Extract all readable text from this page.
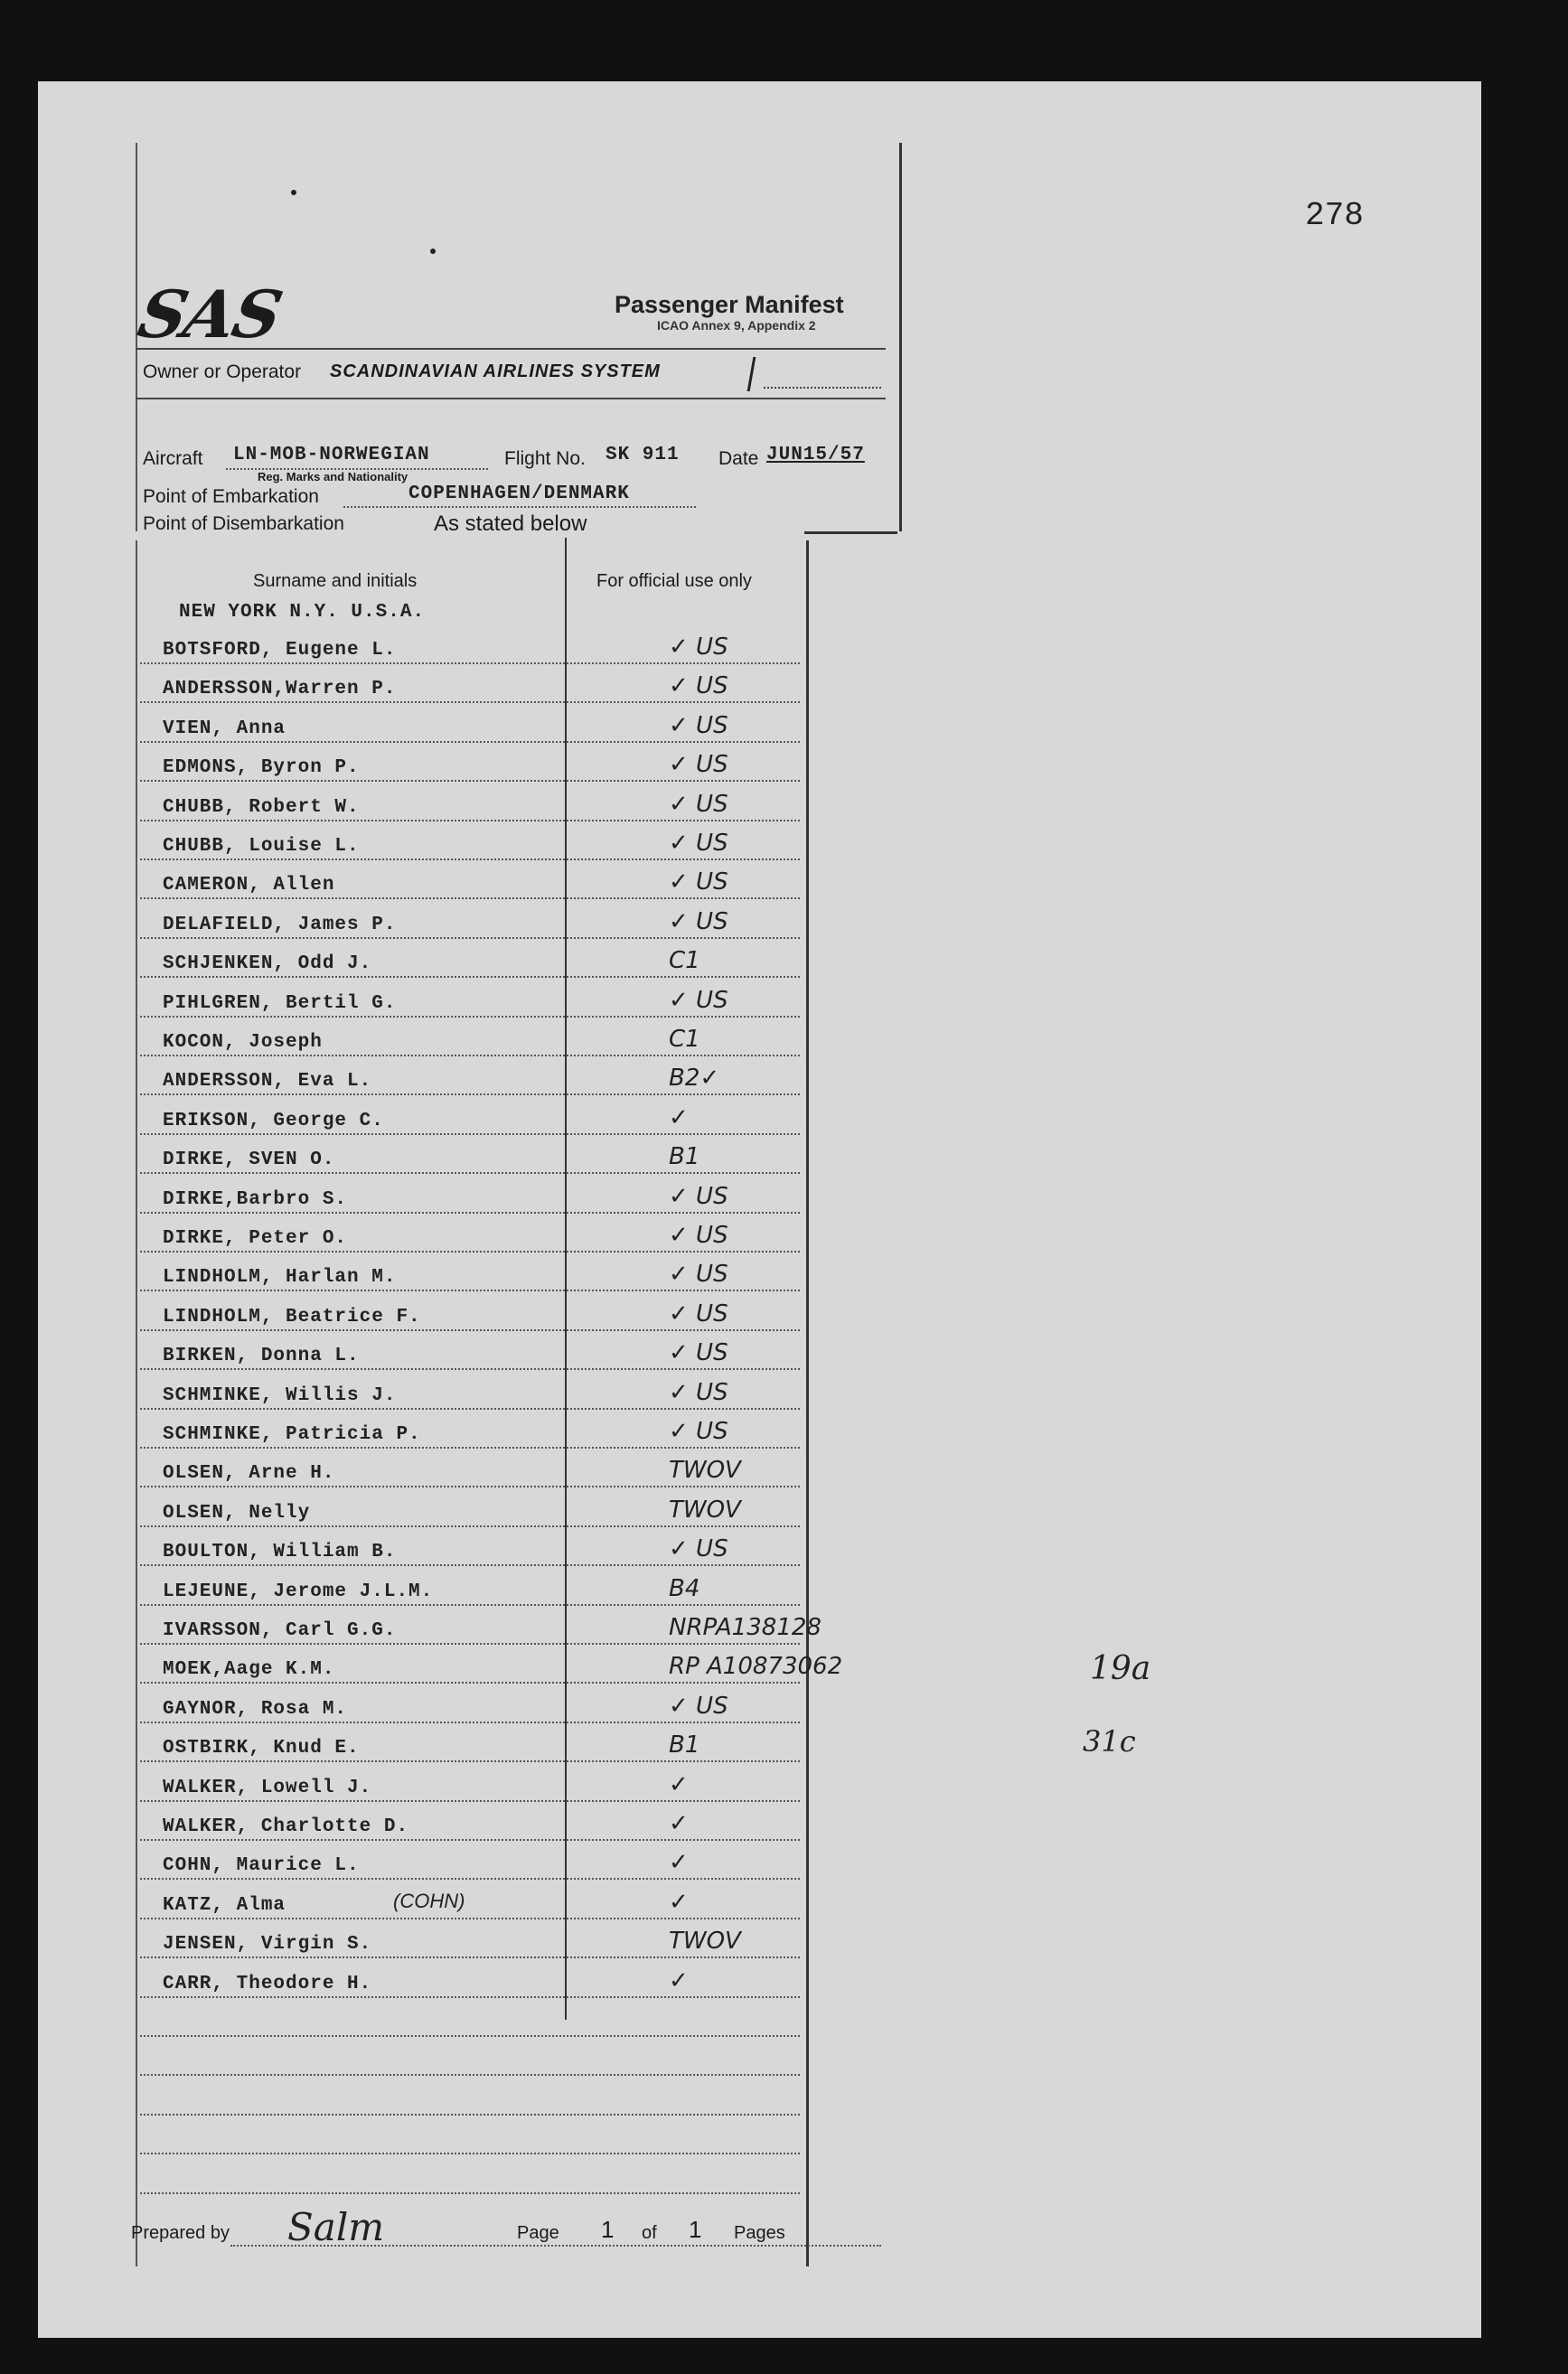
278
SAS	Passenger Manifest
ICAO Annex 9, Appendix 2
Owner or Operator SCANDINAVIAN AIRLINES SYSTEM
Aircraft LN-MOB-NORWEGIAN
Reg. Marks and Nationality
Flight No. SK 911 Date JUN15/57
Point of Embarkation	COPENHAGEN/DENMARK
Point of Disembarkation	As stated below
Surname and initials	For official use only
NEW YORK N.Y. U.S.A.
BOTSFORD, Eugene L.	✓ US
ANDERSSON,Warren P.	✓ US
VIEN, Anna	✓ US
EDMONS, Byron P.	✓ US
CHUBB, Robert W.	✓ US
CHUBB, Louise L.	✓ US
CAMERON, Allen	✓ US
DELAFIELD, James P.	✓ US
SCHJENKEN, Odd J.	C1
PIHLGREN, Bertil G.	✓ US
KOCON, Joseph	C1
ANDERSSON, Eva L.	B2✓
ERIKSON, George C.	✓
DIRKE, SVEN O.	B1
DIRKE,Barbro S.	✓ US
DIRKE, Peter O.	✓ US
LINDHOLM, Harlan M.	✓ US
LINDHOLM, Beatrice F.	✓ US
BIRKEN, Donna L.	✓ US
SCHMINKE, Willis J.	✓ US
SCHMINKE, Patricia P.	✓ US
OLSEN, Arne H.	TWOV
OLSEN, Nelly	TWOV
BOULTON, William B.	✓ US
LEJEUNE, Jerome J.L.M.	B4
IVARSSON, Carl G.G.	NRPA138128
MOEK,Aage K.M.	RP A10873062
GAYNOR, Rosa M.	✓ US
OSTBIRK, Knud E.	B1
WALKER, Lowell J.	✓
WALKER, Charlotte D.	✓
COHN, Maurice L.	✓
KATZ, Alma	✓
(COHN)
JENSEN, Virgin S.	TWOV
CARR, Theodore H.	✓
19a
31c
Prepared by Salm	Page 1 of 1 Pages
